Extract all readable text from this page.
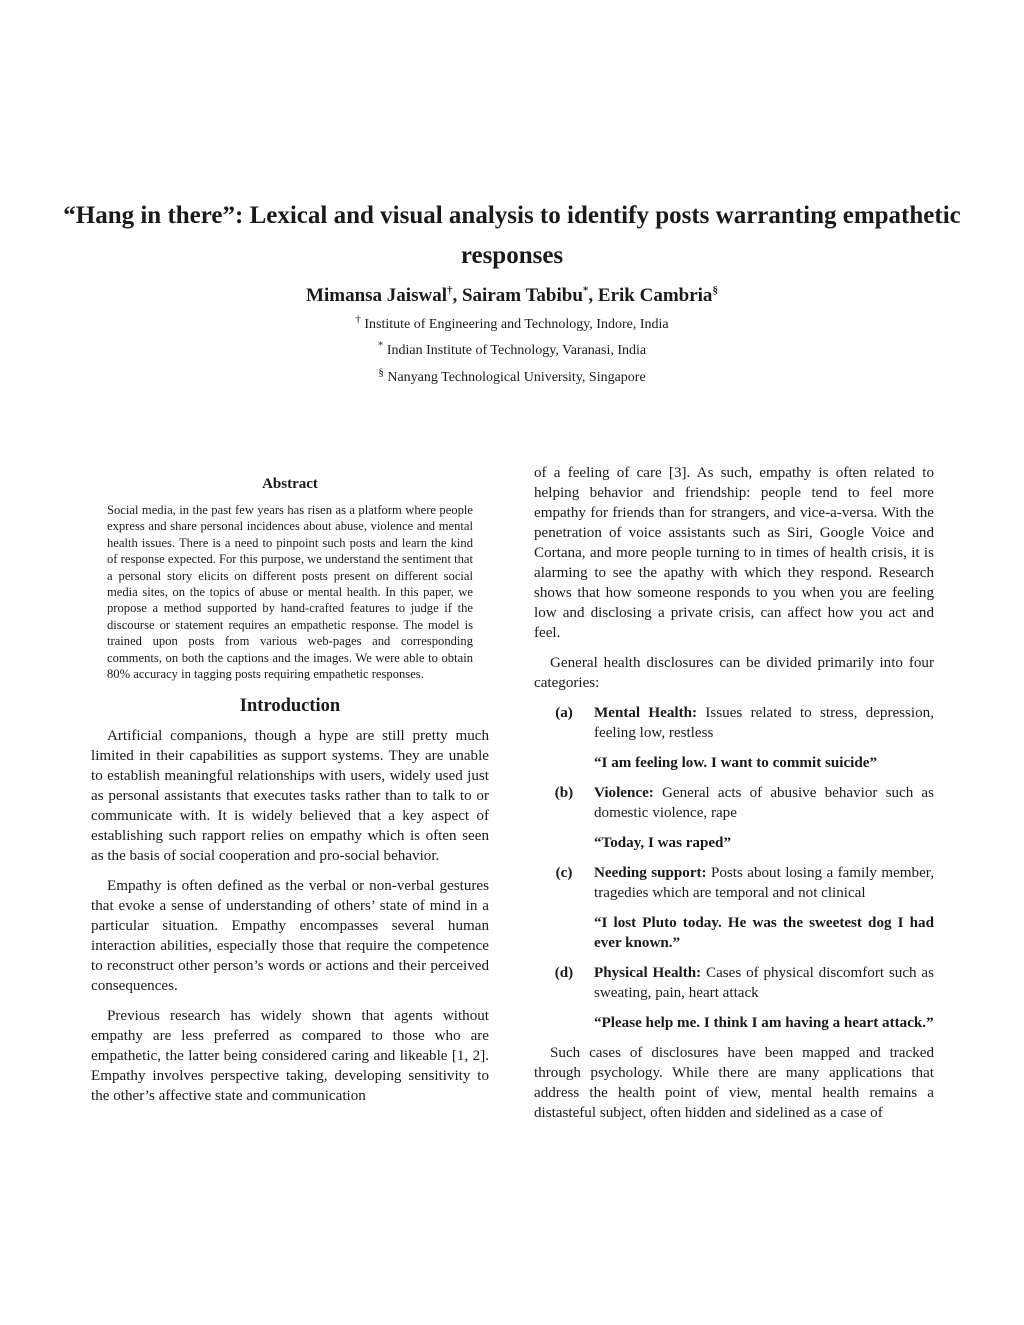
“Hang in there”: Lexical and visual analysis to identify posts warranting empathetic responses
Mimansa Jaiswal†, Sairam Tabibu*, Erik Cambria§
† Institute of Engineering and Technology, Indore, India
* Indian Institute of Technology, Varanasi, India
§ Nanyang Technological University, Singapore
Abstract
Social media, in the past few years has risen as a platform where people express and share personal incidences about abuse, violence and mental health issues. There is a need to pinpoint such posts and learn the kind of response expected. For this purpose, we understand the sentiment that a personal story elicits on different posts present on different social media sites, on the topics of abuse or mental health. In this paper, we propose a method supported by hand-crafted features to judge if the discourse or statement requires an empathetic response. The model is trained upon posts from various web-pages and corresponding comments, on both the captions and the images. We were able to obtain 80% accuracy in tagging posts requiring empathetic responses.
Introduction

Artificial companions, though a hype are still pretty much limited in their capabilities as support systems. They are unable to establish meaningful relationships with users, widely used just as personal assistants that executes tasks rather than to talk to or communicate with. It is widely believed that a key aspect of establishing such rapport relies on empathy which is often seen as the basis of social cooperation and pro-social behavior.

Empathy is often defined as the verbal or non-verbal gestures that evoke a sense of understanding of others’ state of mind in a particular situation. Empathy encompasses several human interaction abilities, especially those that require the competence to reconstruct other person’s words or actions and their perceived consequences.

Previous research has widely shown that agents without empathy are less preferred as compared to those who are empathetic, the latter being considered caring and likeable [1, 2]. Empathy involves perspective taking, developing sensitivity to the other’s affective state and communication

of a feeling of care [3]. As such, empathy is often related to helping behavior and friendship: people tend to feel more empathy for friends than for strangers, and vice-a-versa. With the penetration of voice assistants such as Siri, Google Voice and Cortana, and more people turning to in times of health crisis, it is alarming to see the apathy with which they respond. Research shows that how someone responds to you when you are feeling low and disclosing a private crisis, can affect how you act and feel.

General health disclosures can be divided primarily into four categories:

(a)	Mental Health: Issues related to stress, depression, feeling low, restless
“I am feeling low. I want to commit suicide”
(b)	Violence: General acts of abusive behavior such as domestic violence, rape
“Today, I was raped”
(c)	Needing support: Posts about losing a family member, tragedies which are temporal and not clinical
“I lost Pluto today. He was the sweetest dog I had ever known.”
(d)	Physical Health: Cases of physical discomfort such as sweating, pain, heart attack
“Please help me. I think I am having a heart attack.”

Such cases of disclosures have been mapped and tracked through psychology. While there are many applications that address the health point of view, mental health remains a distasteful subject, often hidden and sidelined as a case of
